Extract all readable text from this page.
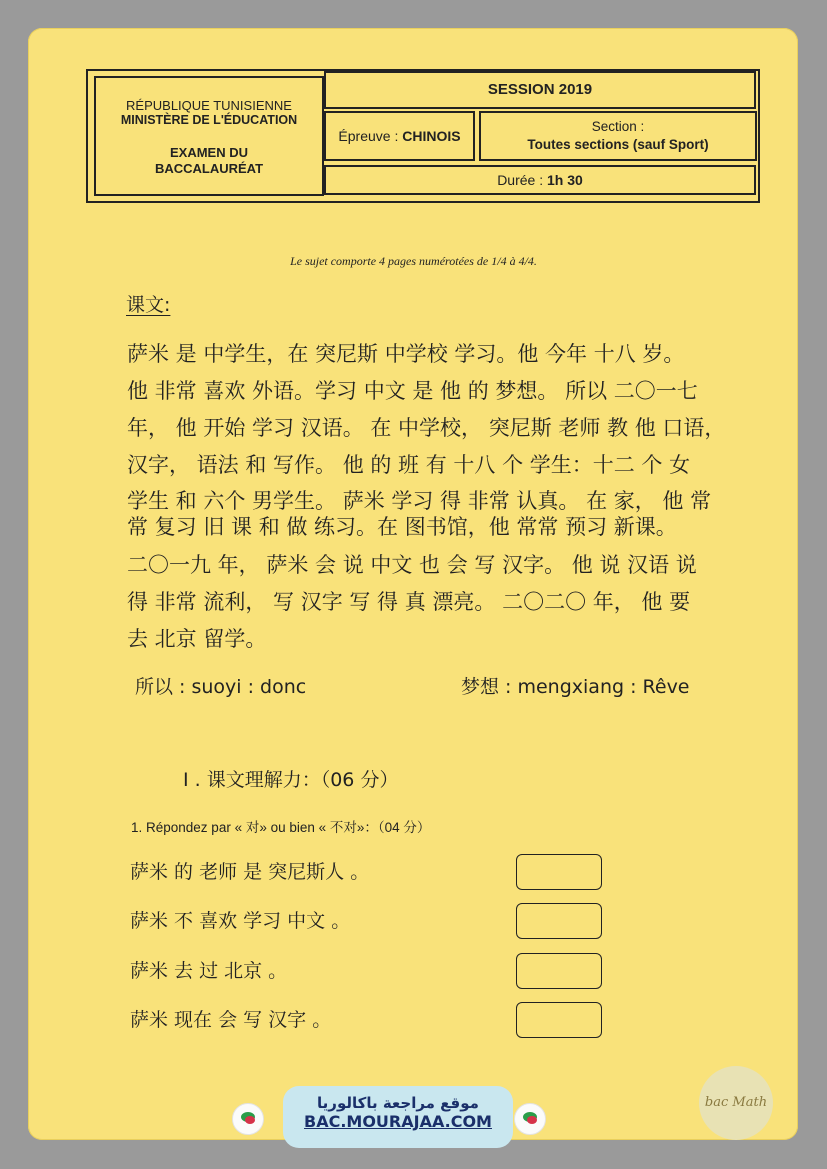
RÉPUBLIQUE TUNISIENNE
MINISTÈRE DE L'ÉDUCATION
EXAMEN DU
BACCALAURÉAT
SESSION 2019
Épreuve : CHINOIS
Section :
Toutes sections (sauf Sport)
Durée : 1h 30
Le sujet comporte 4 pages numérotées de 1/4 à 4/4.
课文:
萨米 是 中学生，在 突尼斯 中学校 学习。他 今年 十八 岁。
他 非常 喜欢 外语。学习 中文 是 他 的 梦想。 所以 二〇一七
年， 他 开始 学习 汉语。 在 中学校， 突尼斯 老师 教 他 口语，
汉字， 语法 和 写作。 他 的 班 有 十八 个 学生：十二 个 女
学生 和 六个 男学生。 萨米 学习 得 非常 认真。 在 家， 他 常
常 复习 旧 课 和 做 练习。在 图书馆，他 常常 预习 新课。
二〇一九 年， 萨米 会 说 中文 也 会 写 汉字。 他 说 汉语 说
得 非常 流利， 写 汉字 写 得 真 漂亮。 二〇二〇 年， 他 要
去 北京 留学。
所以 : suoyi : donc	梦想 : mengxiang : Rêve
I . 课文理解力：（06 分）
1. Répondez par « 对» ou bien « 不对»：（04 分）
萨米 的 老师 是 突尼斯人 。
萨米 不 喜欢 学习 中文 。
萨米 去 过 北京 。
萨米 现在 会 写 汉字 。
موقع مراجعة باكالوريا
BAC.MOURAJAA.COM
bac Math
